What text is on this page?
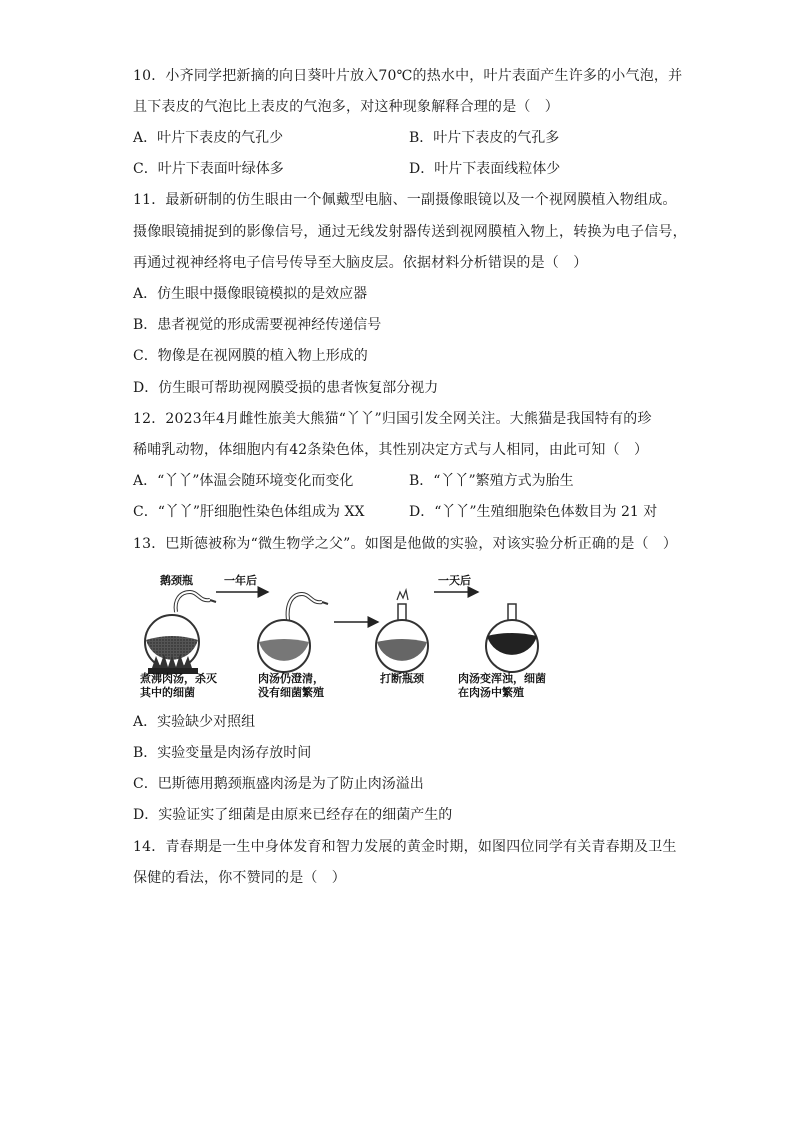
10．小齐同学把新摘的向日葵叶片放入70℃的热水中，叶片表面产生许多的小气泡，并
且下表皮的气泡比上表皮的气泡多，对这种现象解释合理的是（　）
A．叶片下表皮的气孔少	B．叶片下表皮的气孔多
C．叶片下表面叶绿体多	D．叶片下表面线粒体少
11．最新研制的仿生眼由一个佩戴型电脑、一副摄像眼镜以及一个视网膜植入物组成。
摄像眼镜捕捉到的影像信号，通过无线发射器传送到视网膜植入物上，转换为电子信号，
再通过视神经将电子信号传导至大脑皮层。依据材料分析错误的是（　）
A．仿生眼中摄像眼镜模拟的是效应器
B．患者视觉的形成需要视神经传递信号
C．物像是在视网膜的植入物上形成的
D．仿生眼可帮助视网膜受损的患者恢复部分视力
12．2023年4月雌性旅美大熊猫“丫丫”归国引发全网关注。大熊猫是我国特有的珍
稀哺乳动物，体细胞内有42条染色体，其性别决定方式与人相同，由此可知（　）
A．“丫丫”体温会随环境变化而变化	B．“丫丫”繁殖方式为胎生
C．“丫丫”肝细胞性染色体组成为 XX	D．“丫丫”生殖细胞染色体数目为 21 对
13．巴斯德被称为“微生物学之父”。如图是他做的实验，对该实验分析正确的是（　）
鹅颈瓶	一年后	一天后
煮沸肉汤，杀灭
其中的细菌
肉汤仍澄清，
没有细菌繁殖
打断瓶颈	肉汤变浑浊，细菌
在肉汤中繁殖
A．实验缺少对照组
B．实验变量是肉汤存放时间
C．巴斯德用鹅颈瓶盛肉汤是为了防止肉汤溢出
D．实验证实了细菌是由原来已经存在的细菌产生的
14．青春期是一生中身体发育和智力发展的黄金时期，如图四位同学有关青春期及卫生
保健的看法，你不赞同的是（　）
